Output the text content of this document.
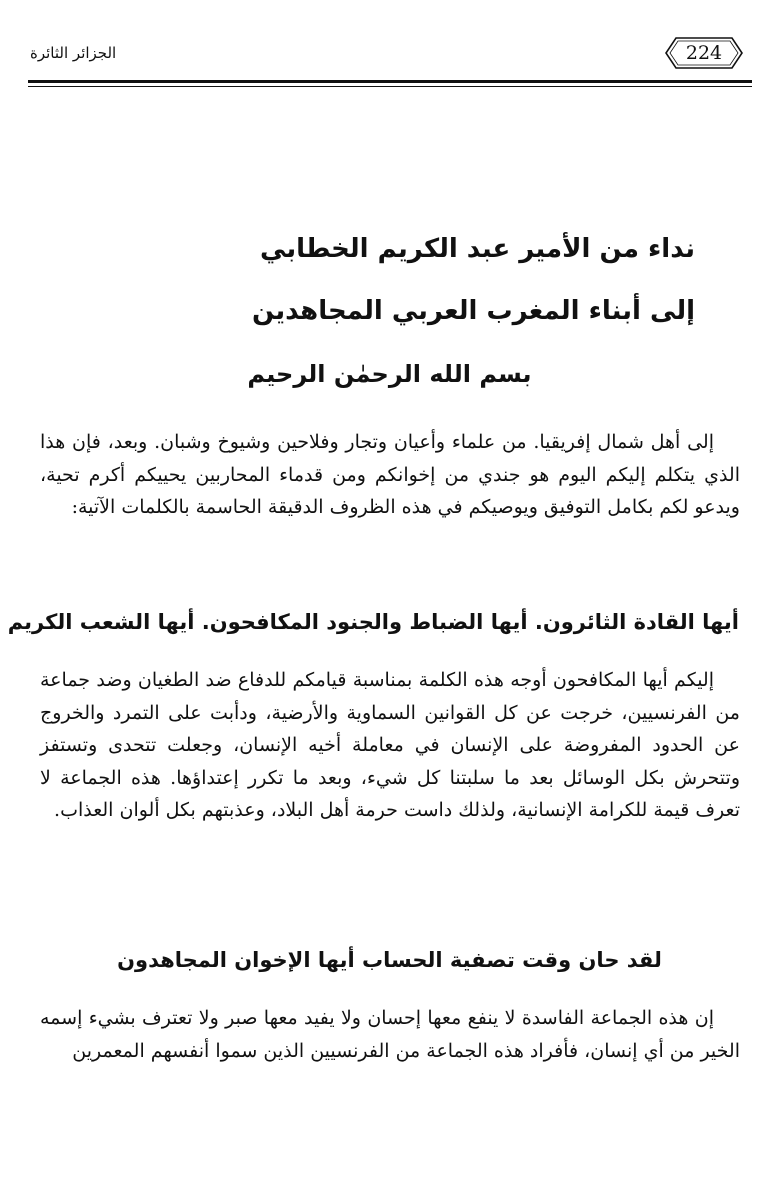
224
الجزائر الثائرة
نداء من الأمير عبد الكريم الخطابي
إلى أبناء المغرب العربي المجاهدين
بسم الله الرحمٰن الرحيم

إلى أهل شمال إفريقيا. من علماء وأعيان وتجار وفلاحين وشيوخ وشبان. وبعد، فإن هذا الذي يتكلم إليكم اليوم هو جندي من إخوانكم ومن قدماء المحاربين يحييكم أكرم تحية، ويدعو لكم بكامل التوفيق ويوصيكم في هذه الظروف الدقيقة الحاسمة بالكلمات الآتية:

أيها القادة الثائرون. أيها الضباط والجنود المكافحون. أيها الشعب الكريم

إليكم أيها المكافحون أوجه هذه الكلمة بمناسبة قيامكم للدفاع ضد الطغيان وضد جماعة من الفرنسيين، خرجت عن كل القوانين السماوية والأرضية، ودأبت على التمرد والخروج عن الحدود المفروضة على الإنسان في معاملة أخيه الإنسان، وجعلت تتحدى وتستفز وتتحرش بكل الوسائل بعد ما سلبتنا كل شيء، وبعد ما تكرر إعتداؤها. هذه الجماعة لا تعرف قيمة للكرامة الإنسانية، ولذلك داست حرمة أهل البلاد، وعذبتهم بكل ألوان العذاب.

لقد حان وقت تصفية الحساب أيها الإخوان المجاهدون

إن هذه الجماعة الفاسدة لا ينفع معها إحسان ولا يفيد معها صبر ولا تعترف بشيء إسمه الخير من أي إنسان، فأفراد هذه الجماعة من الفرنسيين الذين سموا أنفسهم المعمرين
